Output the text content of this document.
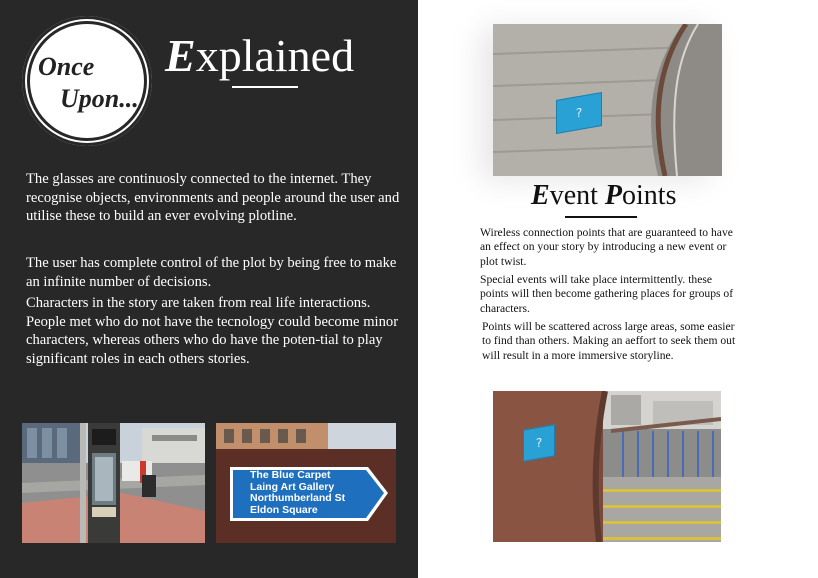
Once
Upon...
Explained

The glasses are continuosly connected to the internet. They recognise objects, environments and people around the user and utilise these to build an ever evolving plotline.

The user has complete control of the plot by being free to make an infinite number of decisions.

Characters in the story are taken from real life interactions. People met who do not have the tecnology could become minor characters, whereas others who do have the poten-tial to play significant roles in each others stories.

The Blue Carpet
Laing Art Gallery
Northumberland St
Eldon Square
?
Event Points

Wireless connection points that are guaranteed to have an effect on your story by introducing a new event or plot twist.

Special events will take place intermittently. these points will then become gathering places for groups of characters.

Points will be scattered across large areas, some easier to find than others. Making an aeffort to seek them out will result in a more immersive storyline.

?
